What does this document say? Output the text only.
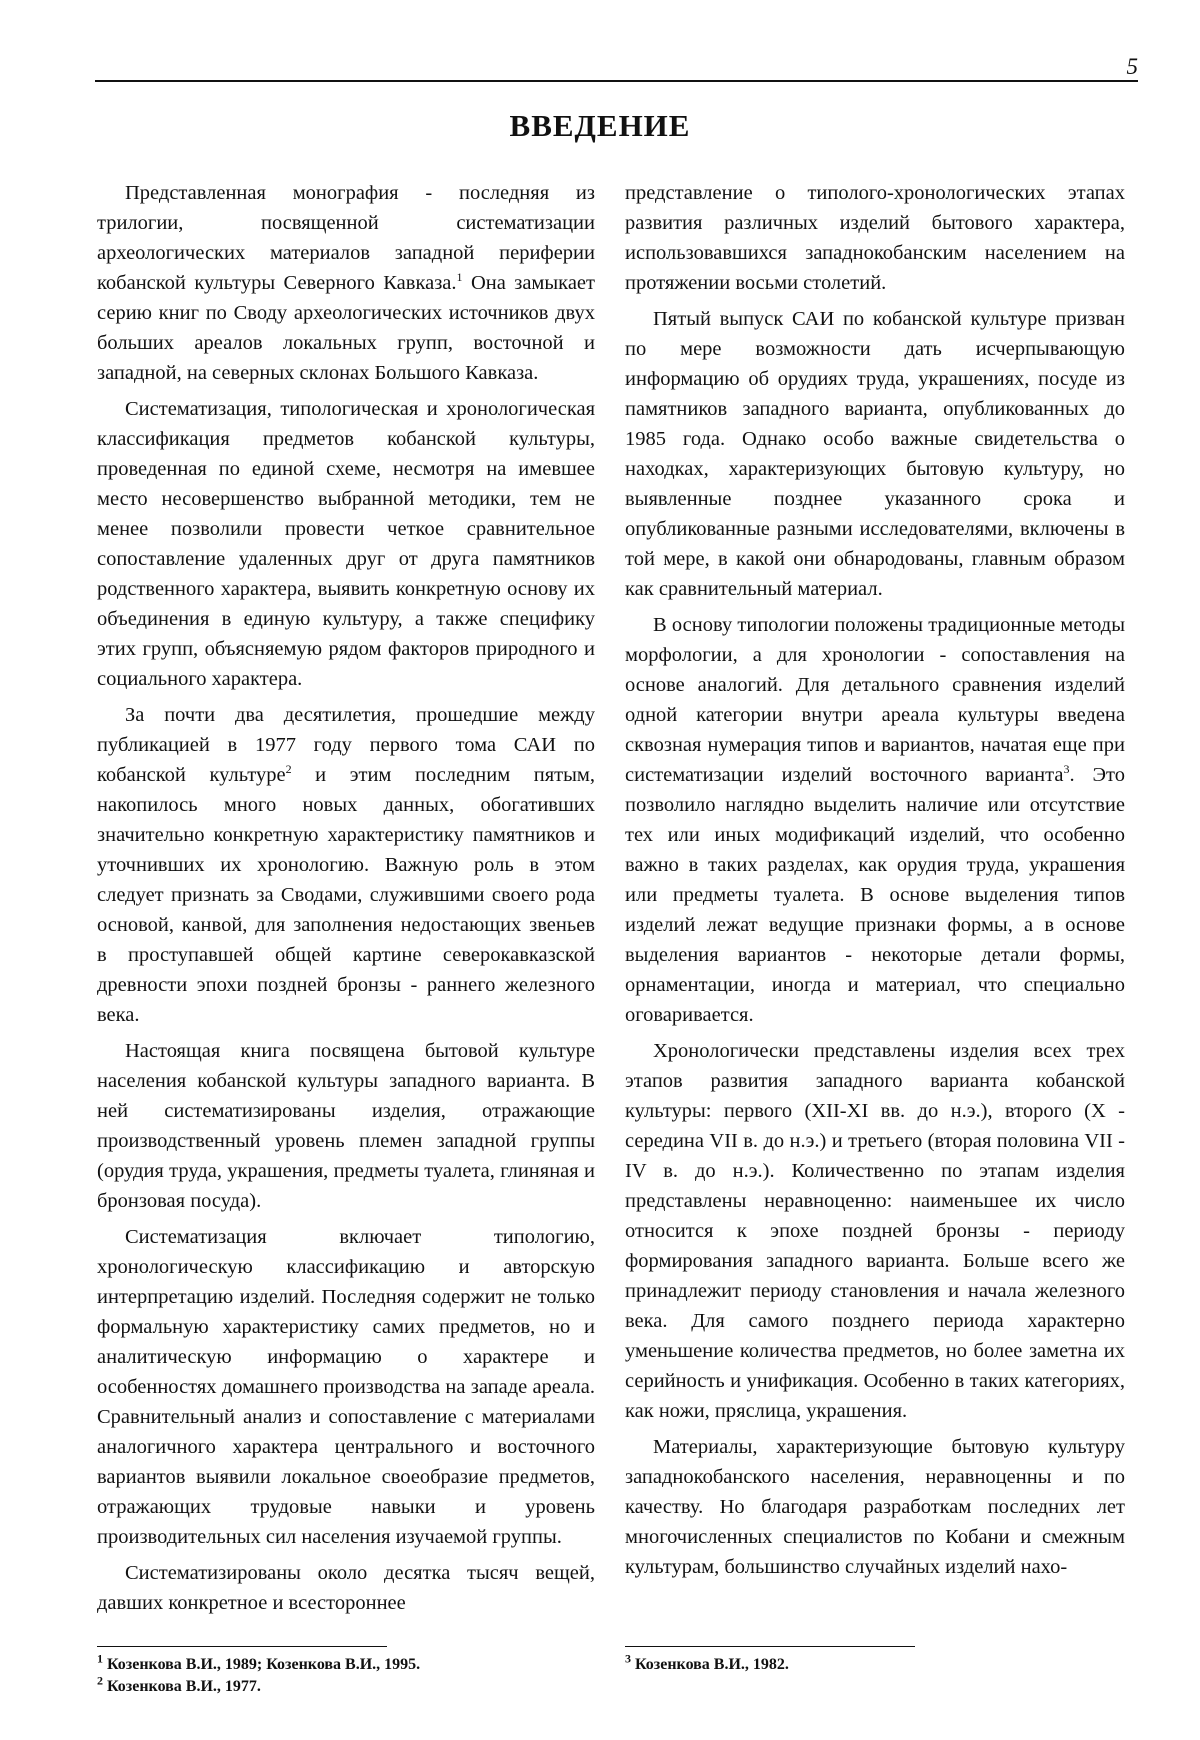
5
ВВЕДЕНИЕ

Представленная монография - последняя из трилогии, посвященной систематизации археологических материалов западной периферии кобанской культуры Северного Кавказа.$^1$ Она замыкает серию книг по Своду археологических источников двух больших ареалов локальных групп, восточной и западной, на северных склонах Большого Кавказа.

Систематизация, типологическая и хронологическая классификация предметов кобанской культуры, проведенная по единой схеме, несмотря на имевшее место несовершенство выбранной методики, тем не менее позволили провести четкое сравнительное сопоставление удаленных друг от друга памятников родственного характера, выявить конкретную основу их объединения в единую культуру, а также специфику этих групп, объясняемую рядом факторов природного и социального характера.

За почти два десятилетия, прошедшие между публикацией в 1977 году первого тома САИ по кобанской культуре$^2$ и этим последним пятым, накопилось много новых данных, обогативших значительно конкретную характеристику памятников и уточнивших их хронологию. Важную роль в этом следует признать за Сводами, служившими своего рода основой, канвой, для заполнения недостающих звеньев в проступавшей общей картине северокавказской древности эпохи поздней бронзы - раннего железного века.

Настоящая книга посвящена бытовой культуре населения кобанской культуры западного варианта. В ней систематизированы изделия, отражающие производственный уровень племен западной группы (орудия труда, украшения, предметы туалета, глиняная и бронзовая посуда).

Систематизация включает типологию, хронологическую классификацию и авторскую интерпретацию изделий. Последняя содержит не только формальную характеристику самих предметов, но и аналитическую информацию о характере и особенностях домашнего производства на западе ареала. Сравнительный анализ и сопоставление с материалами аналогичного характера центрального и восточного вариантов выявили локальное своеобразие предметов, отражающих трудовые навыки и уровень производительных сил населения изучаемой группы.

Систематизированы около десятка тысяч вещей, давших конкретное и всестороннее

представление о типолого-хронологических этапах развития различных изделий бытового характера, использовавшихся западнокобанским населением на протяжении восьми столетий.

Пятый выпуск САИ по кобанской культуре призван по мере возможности дать исчерпывающую информацию об орудиях труда, украшениях, посуде из памятников западного варианта, опубликованных до 1985 года. Однако особо важные свидетельства о находках, характеризующих бытовую культуру, но выявленные позднее указанного срока и опубликованные разными исследователями, включены в той мере, в какой они обнародованы, главным образом как сравнительный материал.

В основу типологии положены традиционные методы морфологии, а для хронологии - сопоставления на основе аналогий. Для детального сравнения изделий одной категории внутри ареала культуры введена сквозная нумерация типов и вариантов, начатая еще при систематизации изделий восточного варианта$^3$. Это позволило наглядно выделить наличие или отсутствие тех или иных модификаций изделий, что особенно важно в таких разделах, как орудия труда, украшения или предметы туалета. В основе выделения типов изделий лежат ведущие признаки формы, а в основе выделения вариантов - некоторые детали формы, орнаментации, иногда и материал, что специально оговаривается.

Хронологически представлены изделия всех трех этапов развития западного варианта кобанской культуры: первого (XII-XI вв. до н.э.), второго (Х - середина VII в. до н.э.) и третьего (вторая половина VII - IV в. до н.э.). Количественно по этапам изделия представлены неравноценно: наименьшее их число относится к эпохе поздней бронзы - периоду формирования западного варианта. Больше всего же принадлежит периоду становления и начала железного века. Для самого позднего периода характерно уменьшение количества предметов, но более заметна их серийность и унификация. Особенно в таких категориях, как ножи, пряслица, украшения.

Материалы, характеризующие бытовую культуру западнокобанского населения, неравноценны и по качеству. Но благодаря разработкам последних лет многочисленных специалистов по Кобани и смежным культурам, большинство случайных изделий нахо-

$^1$ Козенкова В.И., 1989; Козенкова В.И., 1995.
$^2$ Козенкова В.И., 1977.
$^3$ Козенкова В.И., 1982.
